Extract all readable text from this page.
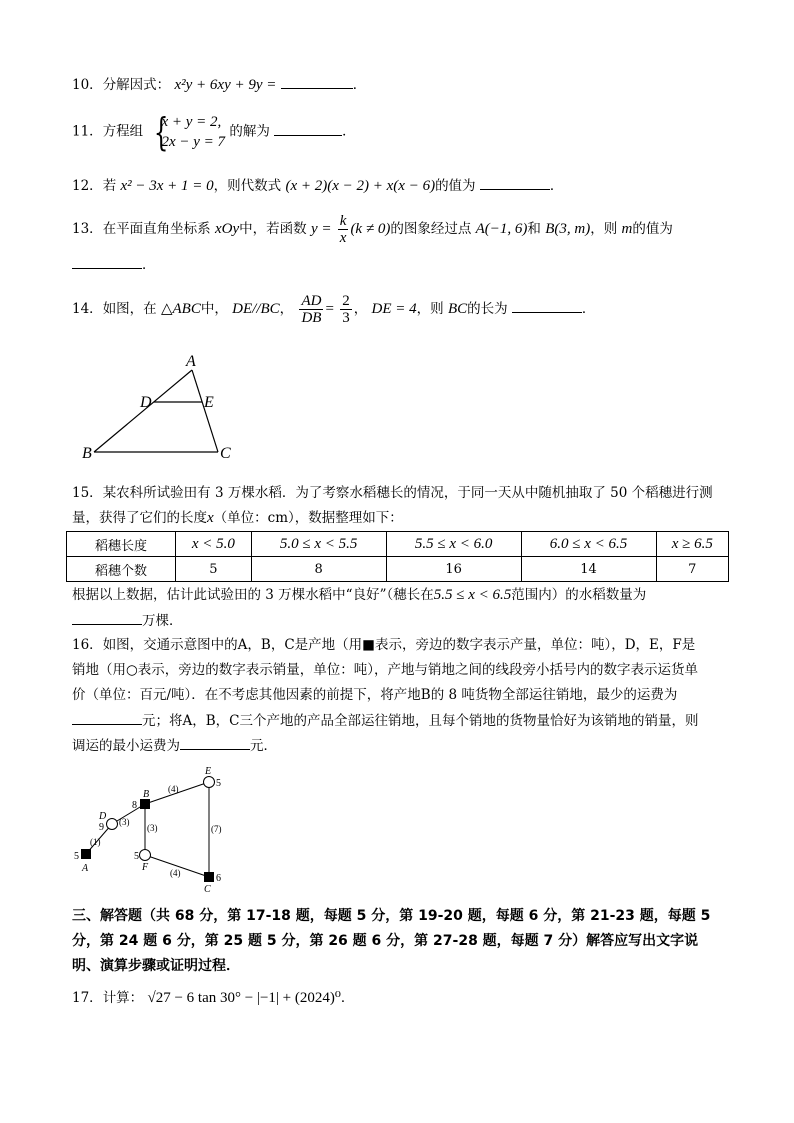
10．分解因式： x²y + 6xy + 9y =	．
11．方程组 {
x + y = 2,
2x − y = 7
的解为	．
12．若 x² − 3x + 1 = 0，则代数式 (x + 2)(x − 2) + x(x − 6)的值为	．
13．在平面直角坐标系 xOy中，若函数 $y = \frac{k}{x} (k \ne 0)$的图象经过点 A(−1, 6)和 B(3, m)，则 m的值为
．
14．如图，在 △ABC中， DE//BC， $\frac{AD}{DB} = \frac{2}{3}$ ， DE = 4，则 BC的长为	．
A
D	E
B	C
15．某农科所试验田有 3 万棵水稻．为了考察水稻穗长的情况，于同一天从中随机抽取了 50 个稻穗进行测
量，获得了它们的长度x（单位：cm），数据整理如下：
稻穗长度	x < 5.0	5.0 ≤ x < 5.5	5.5 ≤ x < 6.0	6.0 ≤ x < 6.5	x ≥ 6.5
稻穗个数	5	8	16	14	7
根据以上数据，估计此试验田的 3 万棵水稻中“良好”（穗长在5.5 ≤ x < 6.5范围内）的水稻数量为
万棵．
16．如图，交通示意图中的A，B，C是产地（用■表示，旁边的数字表示产量，单位：吨），D，E，F是
销地（用○表示，旁边的数字表示销量，单位：吨），产地与销地之间的线段旁小括号内的数字表示运货单
价（单位：百元/吨）．在不考虑其他因素的前提下，将产地B的 8 吨货物全部运往销地，最少的运费为
元；将A，B，C三个产地的产品全部运往销地，且每个销地的货物量恰好为该销地的销量，则
调运的最小运费为	元．
E
5
B
8
D
9
5
A
5
F
6
C
(4)
(3)
(1)
(3)	(7)
(4)
三、解答题（共 68 分，第 17-18 题，每题 5 分，第 19-20 题，每题 6 分，第 21-23 题，每题 5
分，第 24 题 6 分，第 25 题 5 分，第 26 题 6 分，第 27-28 题，每题 7 分）解答应写出文字说
明、演算步骤或证明过程．
17．计算： √27 − 6 tan 30° − |−1| + (2024)⁰．
